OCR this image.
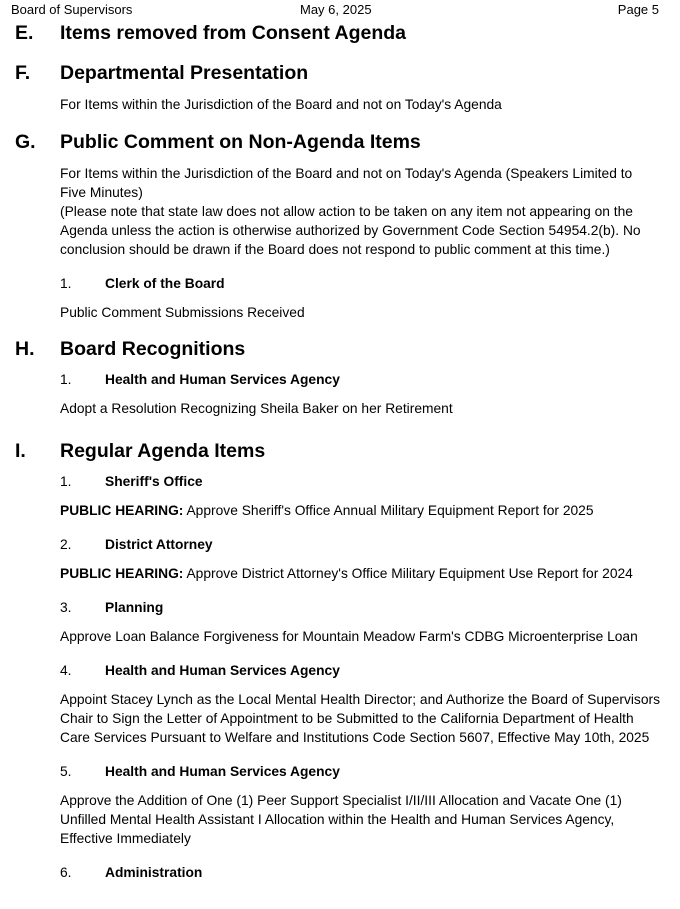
Board of Supervisors	May 6, 2025	Page 5
E. Items removed from Consent Agenda
F. Departmental Presentation

For Items within the Jurisdiction of the Board and not on Today's Agenda

G. Public Comment on Non-Agenda Items

For Items within the Jurisdiction of the Board and not on Today's Agenda (Speakers Limited to Five Minutes)

(Please note that state law does not allow action to be taken on any item not appearing on the Agenda unless the action is otherwise authorized by Government Code Section 54954.2(b). No conclusion should be drawn if the Board does not respond to public comment at this time.)

1. Clerk of the Board

Public Comment Submissions Received

H. Board Recognitions
1. Health and Human Services Agency

Adopt a Resolution Recognizing Sheila Baker on her Retirement

I. Regular Agenda Items
1. Sheriff's Office

PUBLIC HEARING: Approve Sheriff's Office Annual Military Equipment Report for 2025

2. District Attorney

PUBLIC HEARING: Approve District Attorney's Office Military Equipment Use Report for 2024

3. Planning

Approve Loan Balance Forgiveness for Mountain Meadow Farm's CDBG Microenterprise Loan

4. Health and Human Services Agency

Appoint Stacey Lynch as the Local Mental Health Director; and Authorize the Board of Supervisors Chair to Sign the Letter of Appointment to be Submitted to the California Department of Health Care Services Pursuant to Welfare and Institutions Code Section 5607, Effective May 10th, 2025

5. Health and Human Services Agency

Approve the Addition of One (1) Peer Support Specialist I/II/III Allocation and Vacate One (1) Unfilled Mental Health Assistant I Allocation within the Health and Human Services Agency, Effective Immediately

6. Administration
